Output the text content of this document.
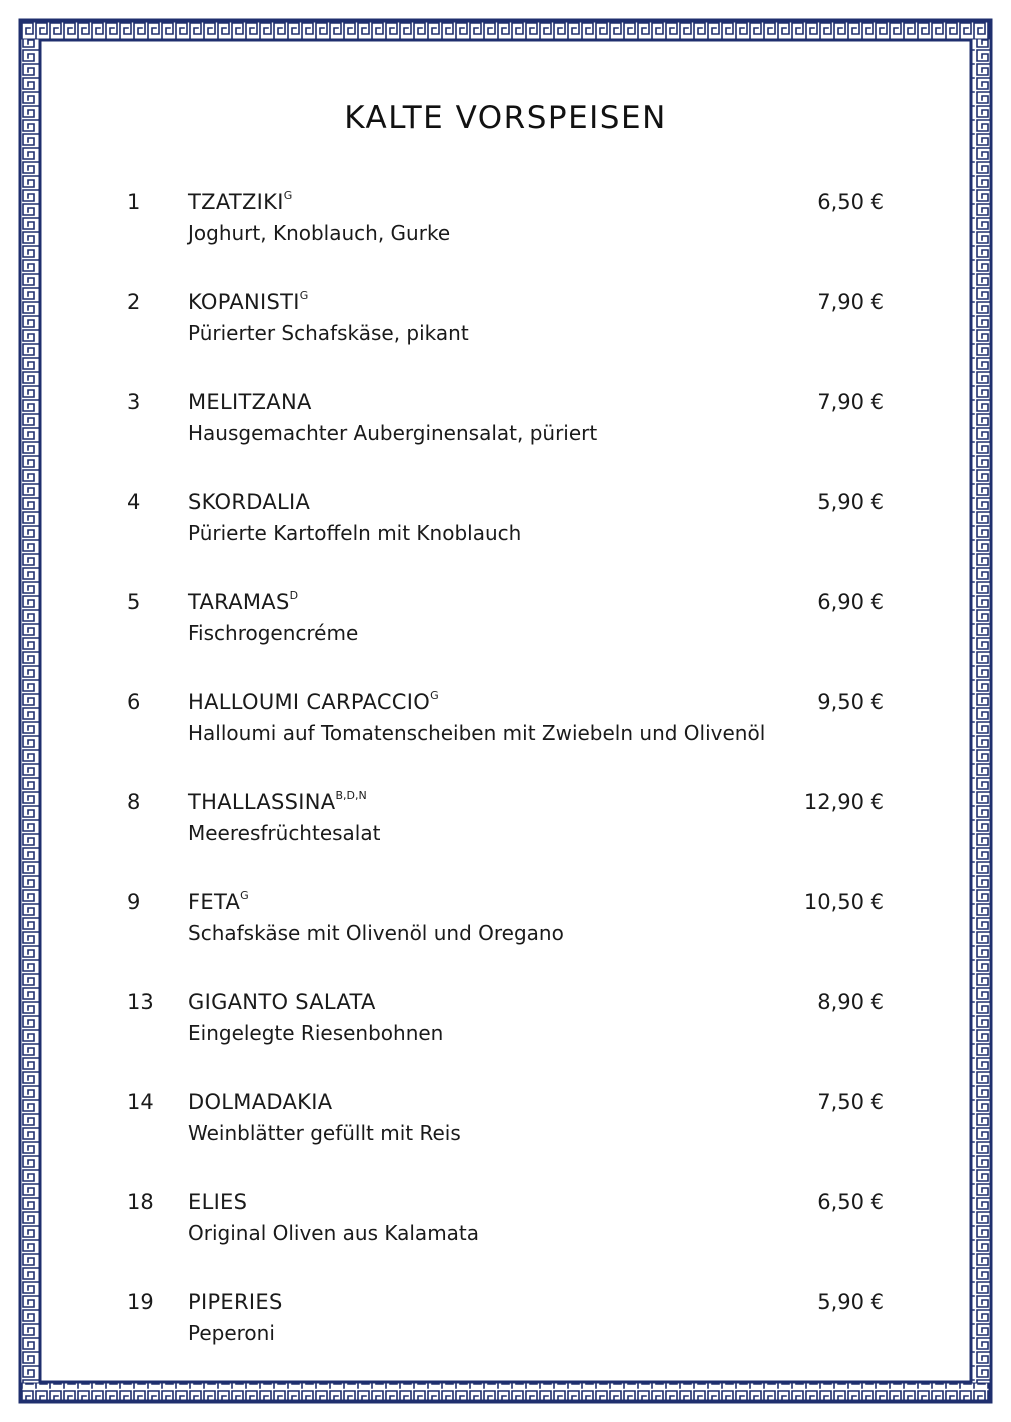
KALTE VORSPEISEN
1 $TZATZIKI^G$	6,50 €
Joghurt, Knoblauch, Gurke
2 $KOPANISTI^G$	7,90 €
Pürierter Schafskäse, pikant
3 MELITZANA	7,90 €
Hausgemachter Auberginensalat, püriert
4 SKORDALIA	5,90 €
Pürierte Kartoffeln mit Knoblauch
5 $TARAMAS^D$	6,90 €
Fischrogencréme
6 HALLOUMI $CARPACCIO^G$	9,50 €
Halloumi auf Tomatenscheiben mit Zwiebeln und Olivenöl
8 $THALLASSINA^{B,D,N}$	12,90 €
Meeresfrüchtesalat
9 $FETA^G$	10,50 €
Schafskäse mit Olivenöl und Oregano
13 GIGANTO SALATA	8,90 €
Eingelegte Riesenbohnen
14 DOLMADAKIA	7,50 €
Weinblätter gefüllt mit Reis
18 ELIES	6,50 €
Original Oliven aus Kalamata
19 PIPERIES	5,90 €
Peperoni
